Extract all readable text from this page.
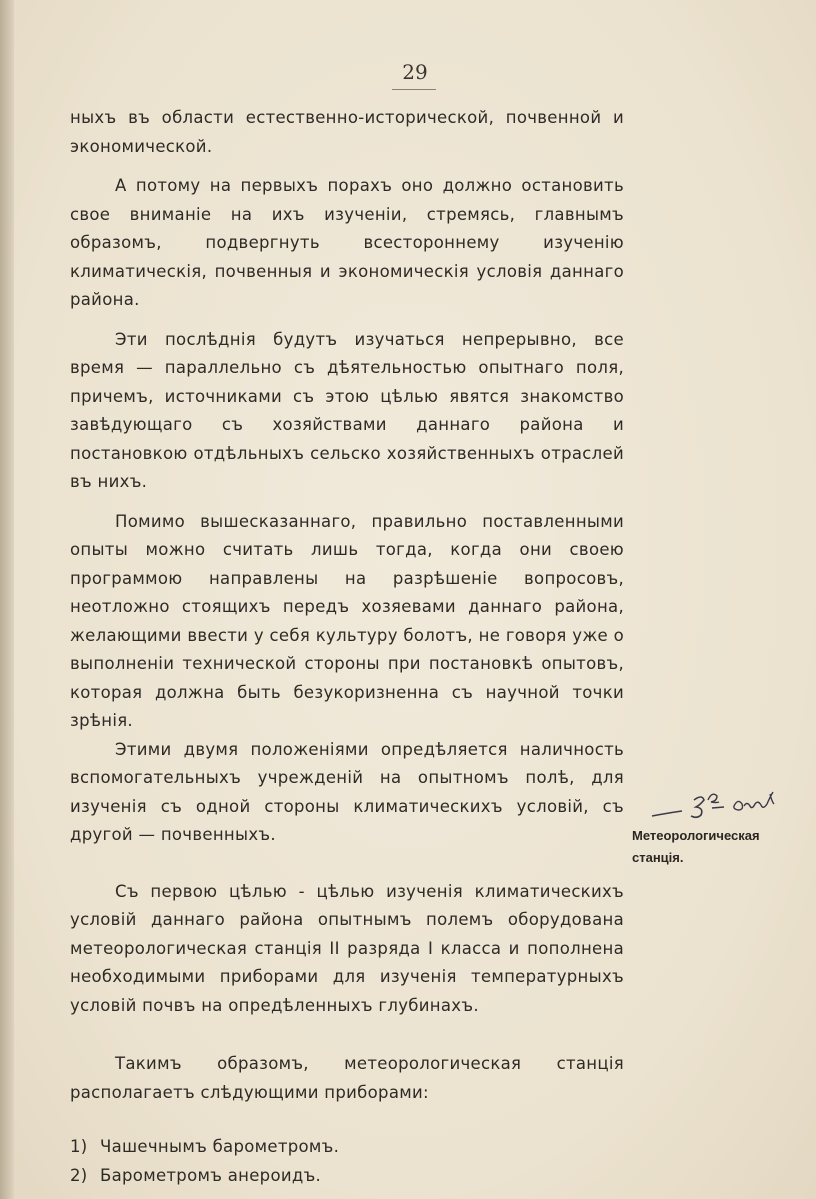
29

ныхъ въ области естественно-исторической, почвенной и экономической.

А потому на первыхъ порахъ оно должно остановить свое вниманіе на ихъ изученіи, стремясь, главнымъ образомъ, подвергнуть всестороннему изученію климатическія, почвенныя и экономическія условія даннаго района.

Эти послѣднія будутъ изучаться непрерывно, все время — параллельно съ дѣятельностью опытнаго поля, причемъ, источниками съ этою цѣлью явятся знакомство завѣдующаго съ хозяйствами даннаго района и постановкою отдѣльныхъ сельско хозяйственныхъ отраслей въ нихъ.

Помимо вышесказаннаго, правильно поставленными опыты можно считать лишь тогда, когда они своею программою направлены на разрѣшеніе вопросовъ, неотложно стоящихъ передъ хозяевами даннаго района, желающими ввести у себя культуру болотъ, не говоря уже о выполненіи технической стороны при постановкѣ опытовъ, которая должна быть безукоризненна съ научной точки зрѣнія.

Этими двумя положеніями опредѣляется наличность вспомогательныхъ учрежденій на опытномъ полѣ, для изученія съ одной стороны климатическихъ условій, съ другой — почвенныхъ.

Съ первою цѣлью - цѣлью изученія климатическихъ условій даннаго района опытнымъ полемъ оборудована метеорологическая станція II разряда I класса и пополнена необходимыми приборами для изученія температурныхъ условій почвъ на опредѣленныхъ глубинахъ.

Такимъ образомъ, метеорологическая станція располагаетъ слѣдующими приборами:

1) Чашечнымъ барометромъ.
2) Барометромъ анероидъ.
Метеорологическая станція.
